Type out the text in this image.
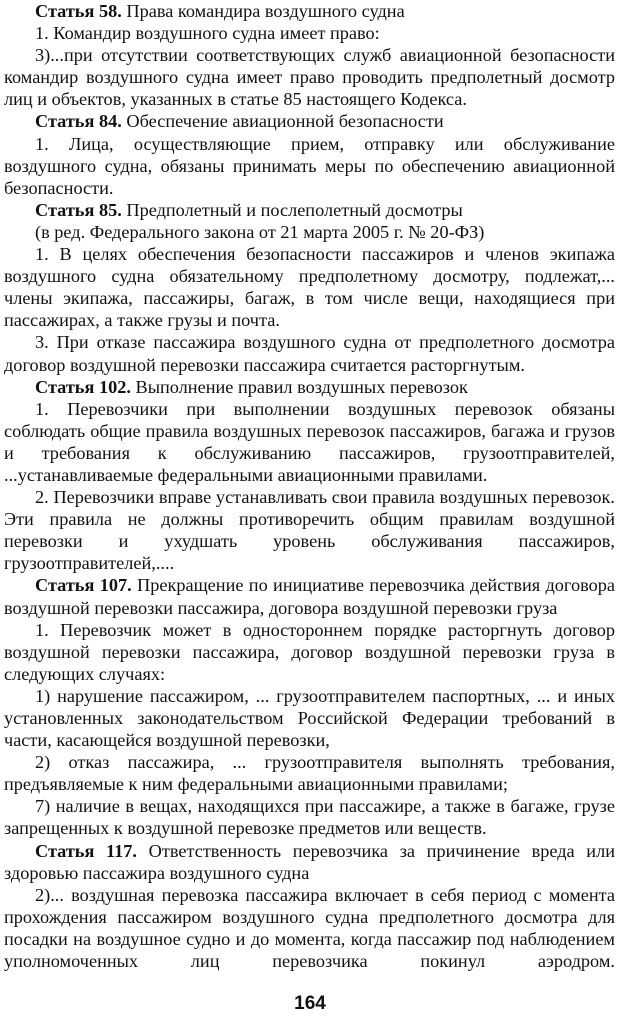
Статья 58. Права командира воздушного судна

1. Командир воздушного судна имеет право:

3)...при отсутствии соответствующих служб авиационной безопасности командир воздушного судна имеет право проводить предполетный досмотр лиц и объектов, указанных в статье 85 настоящего Кодекса.

Статья 84. Обеспечение авиационной безопасности

1. Лица, осуществляющие прием, отправку или обслуживание воздушного судна, обязаны принимать меры по обеспечению авиационной безопасности.

Статья 85. Предполетный и послеполетный досмотры

(в ред. Федерального закона от 21 марта 2005 г. № 20-ФЗ)

1. В целях обеспечения безопасности пассажиров и членов экипажа воздушного судна обязательному предполетному досмотру, подлежат,... члены экипажа, пассажиры, багаж, в том числе вещи, находящиеся при пассажирах, а также грузы и почта.

3. При отказе пассажира воздушного судна от предполетного досмотра договор воздушной перевозки пассажира считается расторгнутым.

Статья 102. Выполнение правил воздушных перевозок

1. Перевозчики при выполнении воздушных перевозок обязаны соблюдать общие правила воздушных перевозок пассажиров, багажа и грузов и требования к обслуживанию пассажиров, грузоотправителей, ...устанавливаемые федеральными авиационными правилами.

2. Перевозчики вправе устанавливать свои правила воздушных перевозок. Эти правила не должны противоречить общим правилам воздушной перевозки и ухудшать уровень обслуживания пассажиров, грузоотправителей,....

Статья 107. Прекращение по инициативе перевозчика действия договора воздушной перевозки пассажира, договора воздушной перевозки груза

1. Перевозчик может в одностороннем порядке расторгнуть договор воздушной перевозки пассажира, договор воздушной перевозки груза в следующих случаях:

1) нарушение пассажиром, ... грузоотправителем паспортных, ... и иных установленных законодательством Российской Федерации требований в части, касающейся воздушной перевозки,

2) отказ пассажира, ... грузоотправителя выполнять требования, предъявляемые к ним федеральными авиационными правилами;

7) наличие в вещах, находящихся при пассажире, а также в багаже, грузе запрещенных к воздушной перевозке предметов или веществ.

Статья 117. Ответственность перевозчика за причинение вреда или здоровью пассажира воздушного судна

2)... воздушная перевозка пассажира включает в себя период с момента прохождения пассажиром воздушного судна предполетного досмотра для посадки на воздушное судно и до момента, когда пассажир под наблюдением уполномоченных лиц перевозчика покинул аэродром.

164
